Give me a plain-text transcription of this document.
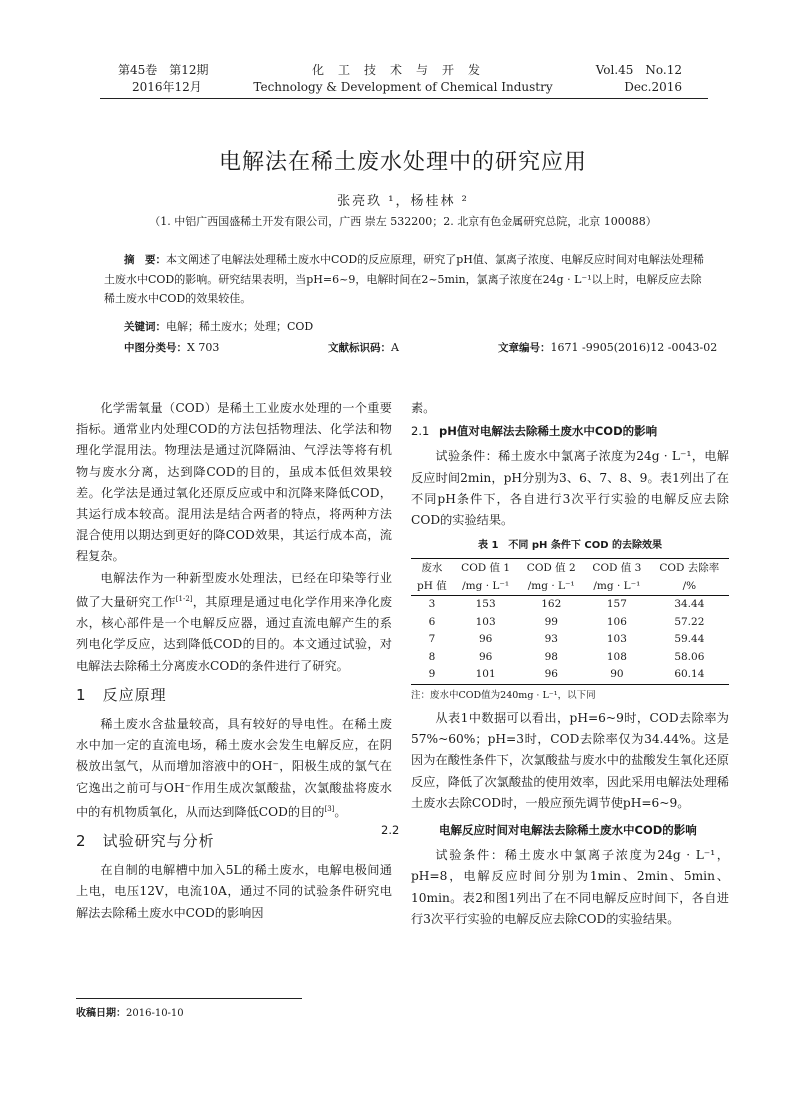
第45卷　第12期
2016年12月
化工技术与开发
Technology & Development of Chemical Industry
Vol.45　No.12
Dec.2016
电解法在稀土废水处理中的研究应用
张亮玖 ¹，杨桂林 ²
（1. 中铝广西国盛稀土开发有限公司，广西 崇左 532200；2. 北京有色金属研究总院，北京 100088）
摘　要：本文阐述了电解法处理稀土废水中COD的反应原理，研究了pH值、氯离子浓度、电解反应时间对电解法处理稀土废水中COD的影响。研究结果表明，当pH=6~9，电解时间在2~5min，氯离子浓度在24g · L⁻¹以上时，电解反应去除稀土废水中COD的效果较佳。
关键词：电解；稀土废水；处理；COD
中图分类号：X 703	文献标识码：A	文章编号：1671 -9905(2016)12 -0043-02

化学需氧量（COD）是稀土工业废水处理的一个重要指标。通常业内处理COD的方法包括物理法、化学法和物理化学混用法。物理法是通过沉降隔油、气浮法等将有机物与废水分离，达到降COD的目的，虽成本低但效果较差。化学法是通过氧化还原反应或中和沉降来降低COD，其运行成本较高。混用法是结合两者的特点，将两种方法混合使用以期达到更好的降COD效果，其运行成本高，流程复杂。

电解法作为一种新型废水处理法，已经在印染等行业做了大量研究工作[1-2]，其原理是通过电化学作用来净化废水，核心部件是一个电解反应器，通过直流电解产生的系列电化学反应，达到降低COD的目的。本文通过试验，对电解法去除稀土分离废水COD的条件进行了研究。

1　 反应原理

稀土废水含盐量较高，具有较好的导电性。在稀土废水中加一定的直流电场，稀土废水会发生电解反应，在阴极放出氢气，从而增加溶液中的OH⁻，阳极生成的氯气在它逸出之前可与OH⁻作用生成次氯酸盐，次氯酸盐将废水中的有机物质氧化，从而达到降低COD的目的[3]。

2　 试验研究与分析

在自制的电解槽中加入5L的稀土废水，电解电极间通上电，电压12V，电流10A，通过不同的试验条件研究电解法去除稀土废水中COD的影响因

素。
2.1 pH值对电解法去除稀土废水中COD的影响

试验条件：稀土废水中氯离子浓度为24g · L⁻¹，电解反应时间2min，pH分别为3、6、7、8、9。表1列出了在不同pH条件下，各自进行3次平行实验的电解反应去除COD的实验结果。

表 1　不同 pH 条件下 COD 的去除效果
废水	COD 值 1	COD 值 2	COD 值 3	COD 去除率
pH 值	/mg · L⁻¹	/mg · L⁻¹	/mg · L⁻¹	/%
3	153	162	157	34.44
6	103	99	106	57.22
7	96	93	103	59.44
8	96	98	108	58.06
9	101	96	90	60.14
注：废水中COD值为240mg · L⁻¹，以下同

从表1中数据可以看出，pH=6~9时，COD去除率为57%~60%；pH=3时，COD去除率仅为34.44%。这是因为在酸性条件下，次氯酸盐与废水中的盐酸发生氧化还原反应，降低了次氯酸盐的使用效率，因此采用电解法处理稀土废水去除COD时，一般应预先调节使pH=6~9。

2.2	电解反应时间对电解法去除稀土废水中COD的影响

试验条件：稀土废水中氯离子浓度为24g · L⁻¹，pH=8，电解反应时间分别为1min、2min、5min、10min。表2和图1列出了在不同电解反应时间下，各自进行3次平行实验的电解反应去除COD的实验结果。

收稿日期：2016-10-10
